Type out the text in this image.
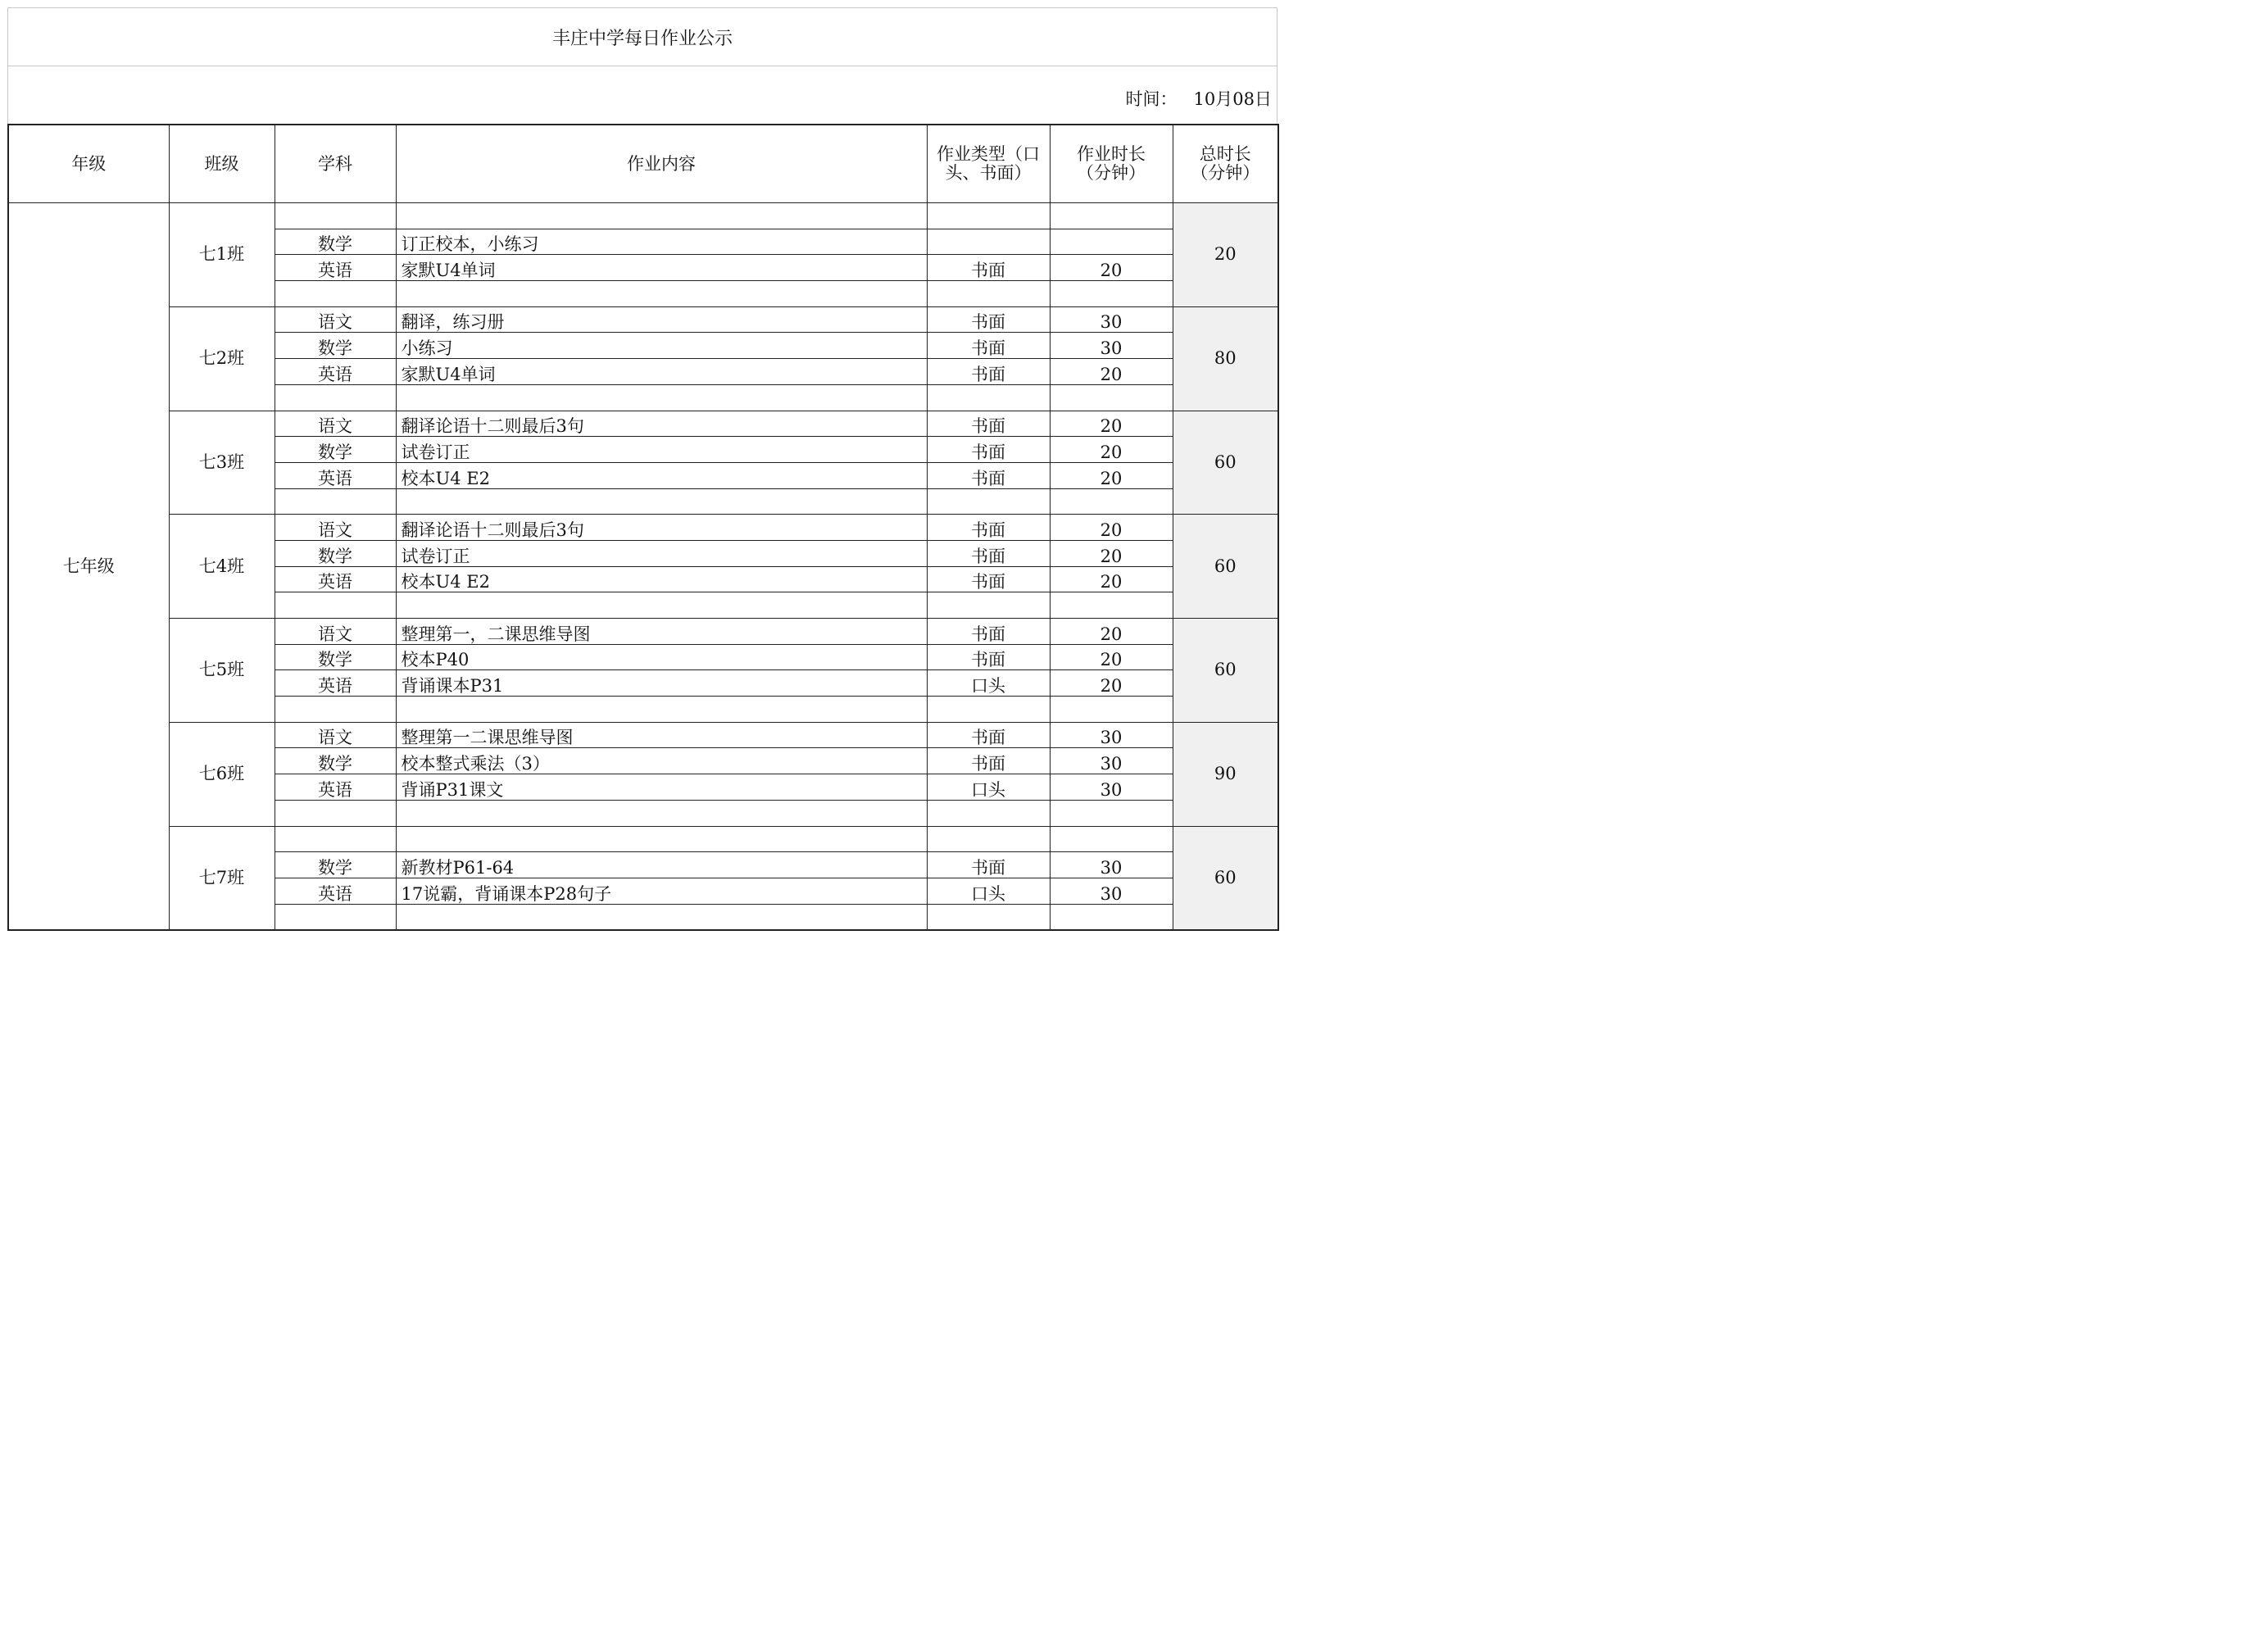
丰庄中学每日作业公示
时间： 10月08日
年级	班级	学科	作业内容	作业类型（口头、书面）	作业时长（分钟）	总时长（分钟）
七年级	七1班					20
		数学	订正校本，小练习			
		英语	家默U4单词	书面	20	

	七2班	语文	翻译，练习册	书面	30	80
		数学	小练习	书面	30	
		英语	家默U4单词	书面	20	

	七3班	语文	翻译论语十二则最后3句	书面	20	60
		数学	试卷订正	书面	20	
		英语	校本U4 E2	书面	20	

	七4班	语文	翻译论语十二则最后3句	书面	20	60
		数学	试卷订正	书面	20	
		英语	校本U4 E2	书面	20	

	七5班	语文	整理第一，二课思维导图	书面	20	60
		数学	校本P40	书面	20	
		英语	背诵课本P31	口头	20	

	七6班	语文	整理第一二课思维导图	书面	30	90
		数学	校本整式乘法（3）	书面	30	
		英语	背诵P31课文	口头	30	

	七7班					60
		数学	新教材P61-64	书面	30	
		英语	17说霸，背诵课本P28句子	口头	30	
